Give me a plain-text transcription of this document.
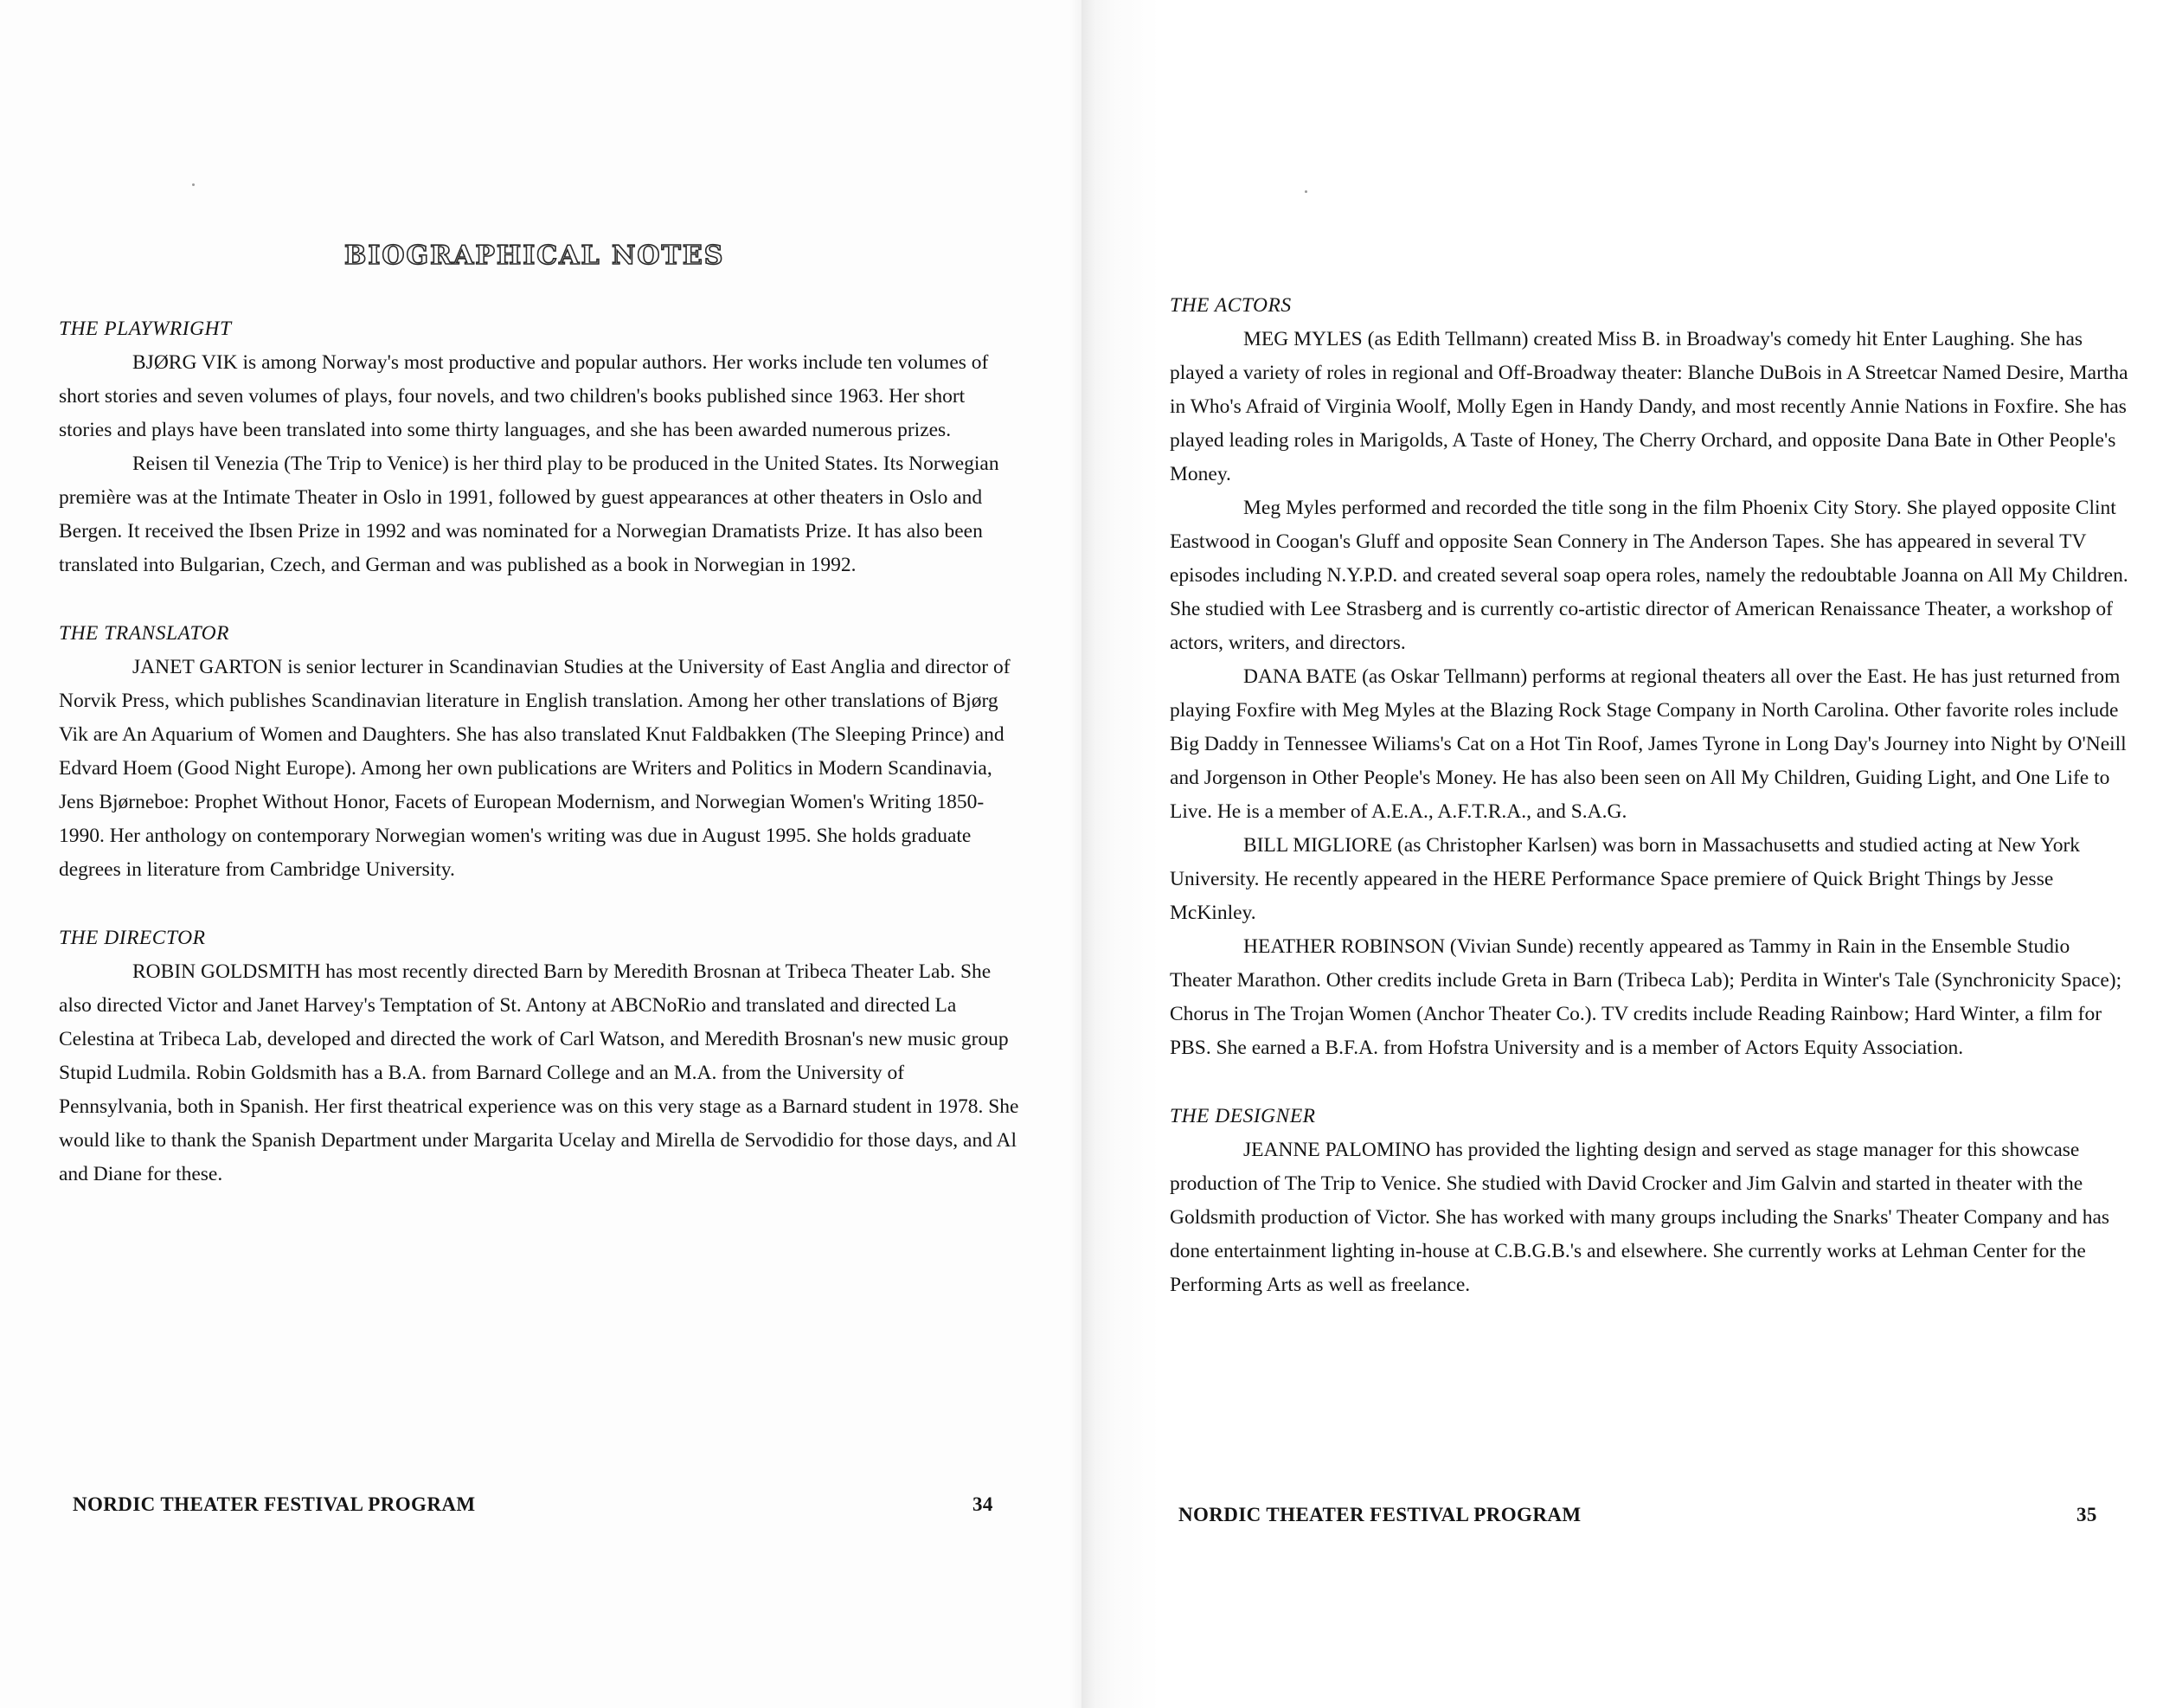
BIOGRAPHICAL NOTES
THE PLAYWRIGHT

BJØRG VIK is among Norway's most productive and popular authors. Her works include ten volumes of short stories and seven volumes of plays, four novels, and two children's books published since 1963. Her short stories and plays have been translated into some thirty languages, and she has been awarded numerous prizes.

Reisen til Venezia (The Trip to Venice) is her third play to be produced in the United States. Its Norwegian première was at the Intimate Theater in Oslo in 1991, followed by guest appearances at other theaters in Oslo and Bergen. It received the Ibsen Prize in 1992 and was nominated for a Norwegian Dramatists Prize. It has also been translated into Bulgarian, Czech, and German and was published as a book in Norwegian in 1992.

THE TRANSLATOR

JANET GARTON is senior lecturer in Scandinavian Studies at the University of East Anglia and director of Norvik Press, which publishes Scandinavian literature in English translation. Among her other translations of Bjørg Vik are An Aquarium of Women and Daughters. She has also translated Knut Faldbakken (The Sleeping Prince) and Edvard Hoem (Good Night Europe). Among her own publications are Writers and Politics in Modern Scandinavia, Jens Bjørneboe: Prophet Without Honor, Facets of European Modernism, and Norwegian Women's Writing 1850-1990. Her anthology on contemporary Norwegian women's writing was due in August 1995. She holds graduate degrees in literature from Cambridge University.

THE DIRECTOR

ROBIN GOLDSMITH has most recently directed Barn by Meredith Brosnan at Tribeca Theater Lab. She also directed Victor and Janet Harvey's Temptation of St. Antony at ABCNoRio and translated and directed La Celestina at Tribeca Lab, developed and directed the work of Carl Watson, and Meredith Brosnan's new music group Stupid Ludmila. Robin Goldsmith has a B.A. from Barnard College and an M.A. from the University of Pennsylvania, both in Spanish. Her first theatrical experience was on this very stage as a Barnard student in 1978. She would like to thank the Spanish Department under Margarita Ucelay and Mirella de Servodidio for those days, and Al and Diane for these.

NORDIC THEATER FESTIVAL PROGRAM	34
THE ACTORS

MEG MYLES (as Edith Tellmann) created Miss B. in Broadway's comedy hit Enter Laughing. She has played a variety of roles in regional and Off-Broadway theater: Blanche DuBois in A Streetcar Named Desire, Martha in Who's Afraid of Virginia Woolf, Molly Egen in Handy Dandy, and most recently Annie Nations in Foxfire. She has played leading roles in Marigolds, A Taste of Honey, The Cherry Orchard, and opposite Dana Bate in Other People's Money.

Meg Myles performed and recorded the title song in the film Phoenix City Story. She played opposite Clint Eastwood in Coogan's Gluff and opposite Sean Connery in The Anderson Tapes. She has appeared in several TV episodes including N.Y.P.D. and created several soap opera roles, namely the redoubtable Joanna on All My Children. She studied with Lee Strasberg and is currently co-artistic director of American Renaissance Theater, a workshop of actors, writers, and directors.

DANA BATE (as Oskar Tellmann) performs at regional theaters all over the East. He has just returned from playing Foxfire with Meg Myles at the Blazing Rock Stage Company in North Carolina. Other favorite roles include Big Daddy in Tennessee Wiliams's Cat on a Hot Tin Roof, James Tyrone in Long Day's Journey into Night by O'Neill and Jorgenson in Other People's Money. He has also been seen on All My Children, Guiding Light, and One Life to Live. He is a member of A.E.A., A.F.T.R.A., and S.A.G.

BILL MIGLIORE (as Christopher Karlsen) was born in Massachusetts and studied acting at New York University. He recently appeared in the HERE Performance Space premiere of Quick Bright Things by Jesse McKinley.

HEATHER ROBINSON (Vivian Sunde) recently appeared as Tammy in Rain in the Ensemble Studio Theater Marathon. Other credits include Greta in Barn (Tribeca Lab); Perdita in Winter's Tale (Synchronicity Space); Chorus in The Trojan Women (Anchor Theater Co.). TV credits include Reading Rainbow; Hard Winter, a film for PBS. She earned a B.F.A. from Hofstra University and is a member of Actors Equity Association.

THE DESIGNER

JEANNE PALOMINO has provided the lighting design and served as stage manager for this showcase production of The Trip to Venice. She studied with David Crocker and Jim Galvin and started in theater with the Goldsmith production of Victor. She has worked with many groups including the Snarks' Theater Company and has done entertainment lighting in-house at C.B.G.B.'s and elsewhere. She currently works at Lehman Center for the Performing Arts as well as freelance.

NORDIC THEATER FESTIVAL PROGRAM	35
